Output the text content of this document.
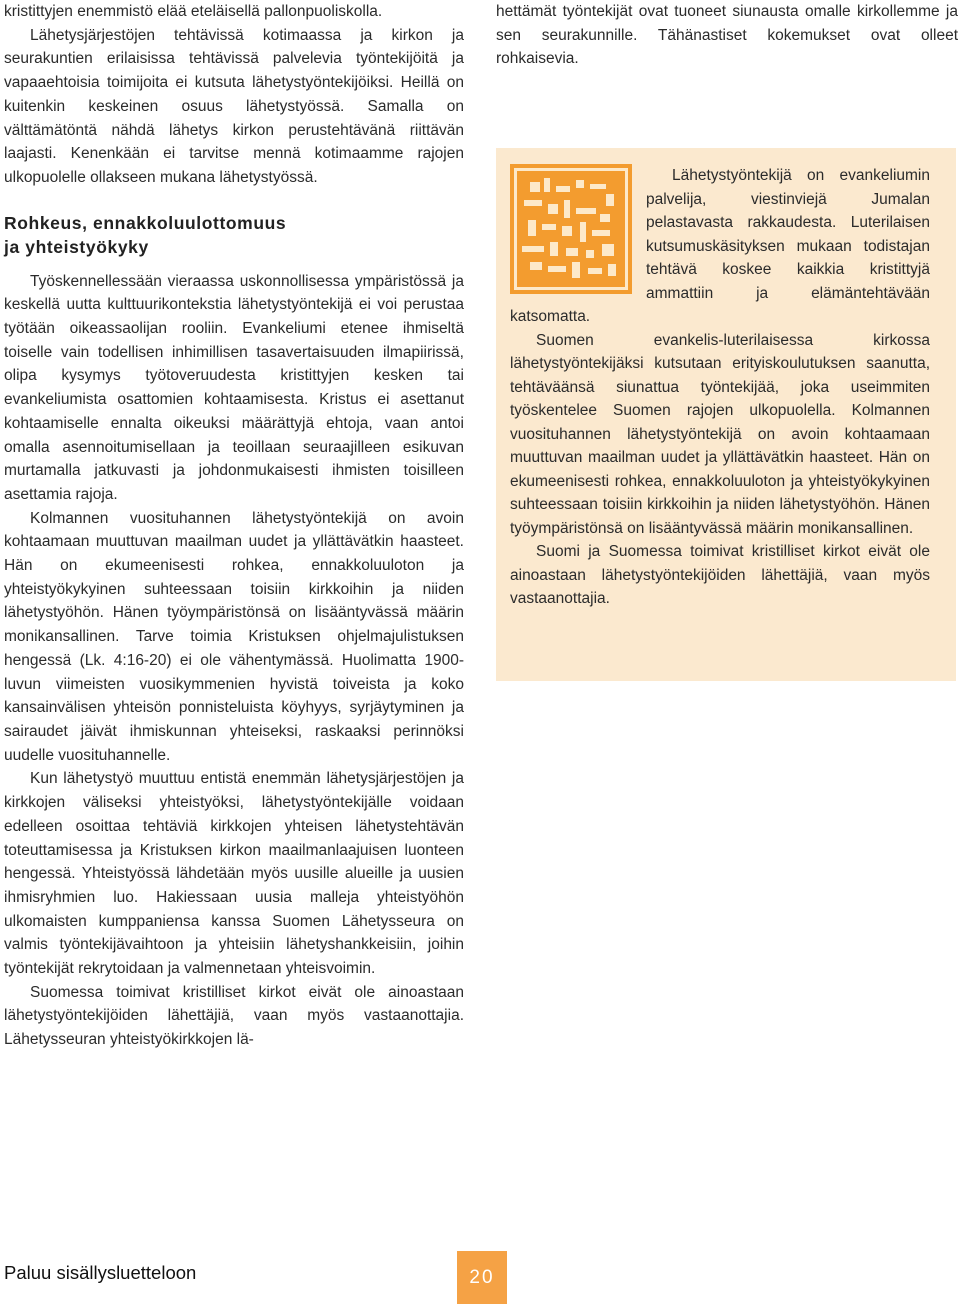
kristittyjen enemmistö elää eteläisellä pallonpuoliskolla.

Lähetysjärjestöjen tehtävissä kotimaassa ja kirkon ja seurakuntien erilaisissa tehtävissä palvelevia työntekijöitä ja vapaaehtoisia toimijoita ei kutsuta lähetystyöntekijöiksi. Heillä on kuitenkin keskeinen osuus lähetystyössä. Samalla on välttämätöntä nähdä lähetys kirkon perustehtävänä riittävän laajasti. Kenenkään ei tarvitse mennä kotimaamme rajojen ulkopuolelle ollakseen mukana lähetystyössä.

Rohkeus, ennakkoluulottomuus
ja yhteistyökyky

Työskennellessään vieraassa uskonnollisessa ympäristössä ja keskellä uutta kulttuurikontekstia lähetystyöntekijä ei voi perustaa työtään oikeassaolijan rooliin. Evankeliumi etenee ihmiseltä toiselle vain todellisen inhimillisen tasavertaisuuden ilmapiirissä, olipa kysymys työtoveruudesta kristittyjen kesken tai evankeliumista osattomien kohtaamisesta. Kristus ei asettanut kohtaamiselle ennalta oikeuksi määrättyjä ehtoja, vaan antoi omalla asennoitumisellaan ja teoillaan seuraajilleen esikuvan murtamalla jatkuvasti ja johdonmukaisesti ihmisten toisilleen asettamia rajoja.

Kolmannen vuosituhannen lähetystyöntekijä on avoin kohtaamaan muuttuvan maailman uudet ja yllättävätkin haasteet. Hän on ekumeenisesti rohkea, ennakkoluuloton ja yhteistyökykyinen suhteessaan toisiin kirkkoihin ja niiden lähetystyöhön. Hänen työympäristönsä on lisääntyvässä määrin monikansallinen. Tarve toimia Kristuksen ohjelmajulistuksen hengessä (Lk. 4:16-20) ei ole vähentymässä. Huolimatta 1900-luvun viimeisten vuosikymmenien hyvistä toiveista ja koko kansainvälisen yhteisön ponnisteluista köyhyys, syrjäytyminen ja sairaudet jäivät ihmiskunnan yhteiseksi, raskaaksi perinnöksi uudelle vuosituhannelle.

Kun lähetystyö muuttuu entistä enemmän lähetysjärjestöjen ja kirkkojen väliseksi yhteistyöksi, lähetystyöntekijälle voidaan edelleen osoittaa tehtäviä kirkkojen yhteisen lähetystehtävän toteuttamisessa ja Kristuksen kirkon maailmanlaajuisen luonteen hengessä. Yhteistyössä lähdetään myös uusille alueille ja uusien ihmisryhmien luo. Hakiessaan uusia malleja yhteistyöhön ulkomaisten kumppaniensa kanssa Suomen Lähetysseura on valmis työntekijävaihtoon ja yhteisiin lähetyshankkeisiin, joihin työntekijät rekrytoidaan ja valmennetaan yhteisvoimin.

Suomessa toimivat kristilliset kirkot eivät ole ainoastaan lähetystyöntekijöiden lähettäjiä, vaan myös vastaanottajia. Lähetysseuran yhteistyökirkkojen lä-

hettämät työntekijät ovat tuoneet siunausta omalle kirkollemme ja sen seurakunnille. Tähänastiset kokemukset ovat olleet rohkaisevia.

Lähetystyöntekijä on evankeliumin palvelija, viestinviejä Jumalan pelastavasta rakkaudesta. Luterilaisen kutsumuskäsityksen mukaan todistajan tehtävä koskee kaikkia kristittyjä ammattiin ja elämäntehtävään katsomatta.

Suomen evankelis-luterilaisessa kirkossa lähetystyöntekijäksi kutsutaan erityiskoulutuksen saanutta, tehtäväänsä siunattua työntekijää, joka useimmiten työskentelee Suomen rajojen ulkopuolella. Kolmannen vuosituhannen lähetystyöntekijä on avoin kohtaamaan muuttuvan maailman uudet ja yllättävätkin haasteet. Hän on ekumeenisesti rohkea, ennakkoluuloton ja yhteistyökykyinen suhteessaan toisiin kirkkoihin ja niiden lähetystyöhön. Hänen työympäristönsä on lisääntyvässä määrin monikansallinen.

Suomi ja Suomessa toimivat kristilliset kirkot eivät ole ainoastaan lähetystyöntekijöiden lähettäjiä, vaan myös vastaanottajia.

Paluu sisällysluetteloon	20
